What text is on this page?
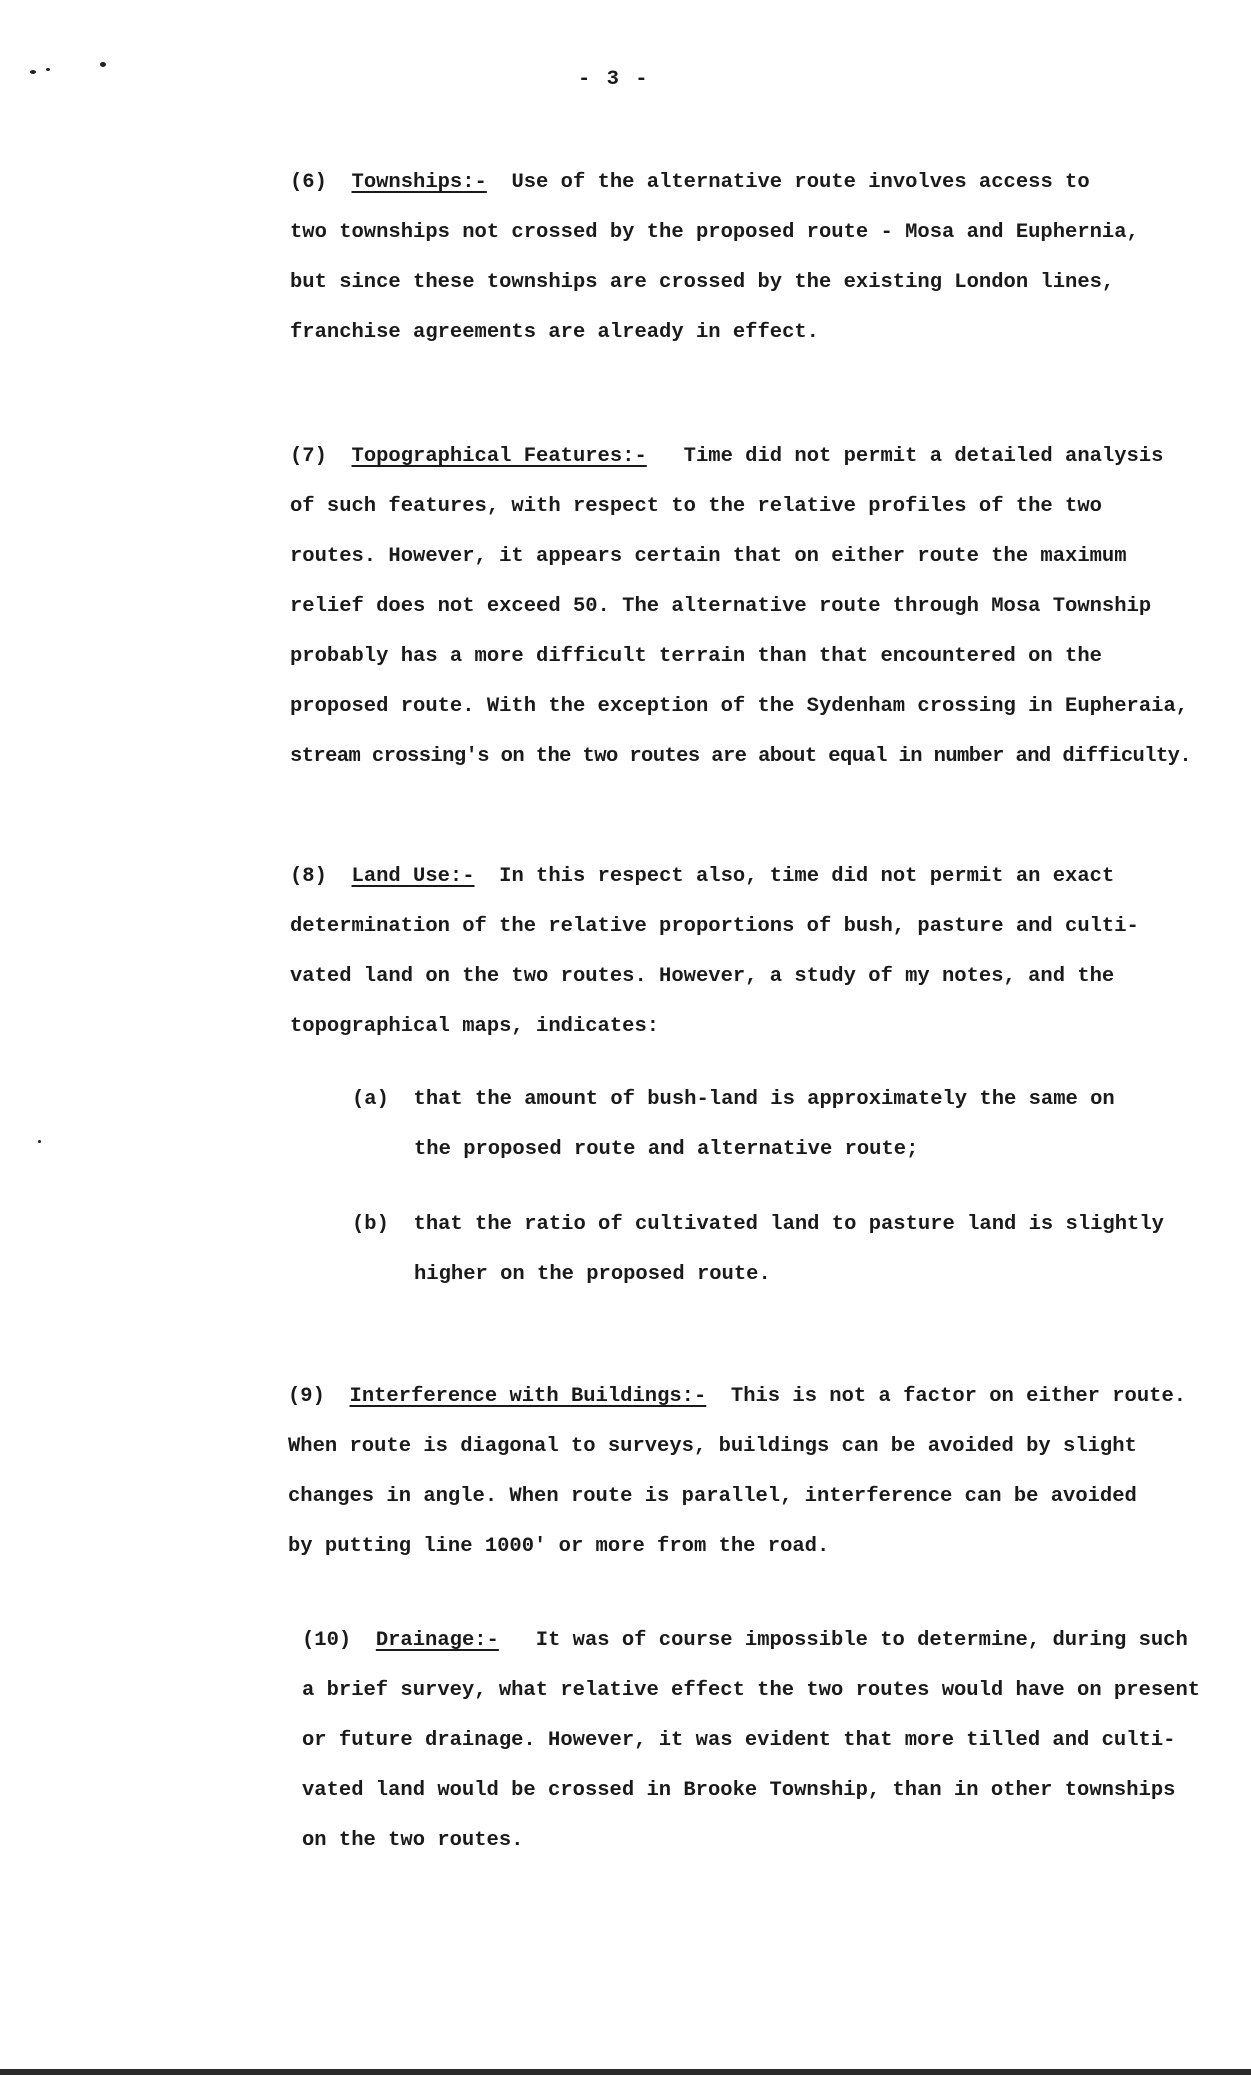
- 3 -
(6) Townships:- Use of the alternative route involves access to
two townships not crossed by the proposed route - Mosa and Euphernia,
but since these townships are crossed by the existing London lines,
franchise agreements are already in effect.
(7) Topographical Features:- Time did not permit a detailed analysis
of such features, with respect to the relative profiles of the two
routes. However, it appears certain that on either route the maximum
relief does not exceed 50. The alternative route through Mosa Township
probably has a more difficult terrain than that encountered on the
proposed route. With the exception of the Sydenham crossing in Eupheraia,
stream crossing's on the two routes are about equal in number and difficulty.
(8) Land Use:- In this respect also, time did not permit an exact
determination of the relative proportions of bush, pasture and culti-
vated land on the two routes. However, a study of my notes, and the
topographical maps, indicates:
(a) that the amount of bush-land is approximately the same on
the proposed route and alternative route;
(b) that the ratio of cultivated land to pasture land is slightly
higher on the proposed route.
(9) Interference with Buildings:- This is not a factor on either route.
When route is diagonal to surveys, buildings can be avoided by slight
changes in angle. When route is parallel, interference can be avoided
by putting line 1000' or more from the road.
(10) Drainage:- It was of course impossible to determine, during such
a brief survey, what relative effect the two routes would have on present
or future drainage. However, it was evident that more tilled and culti-
vated land would be crossed in Brooke Township, than in other townships
on the two routes.
